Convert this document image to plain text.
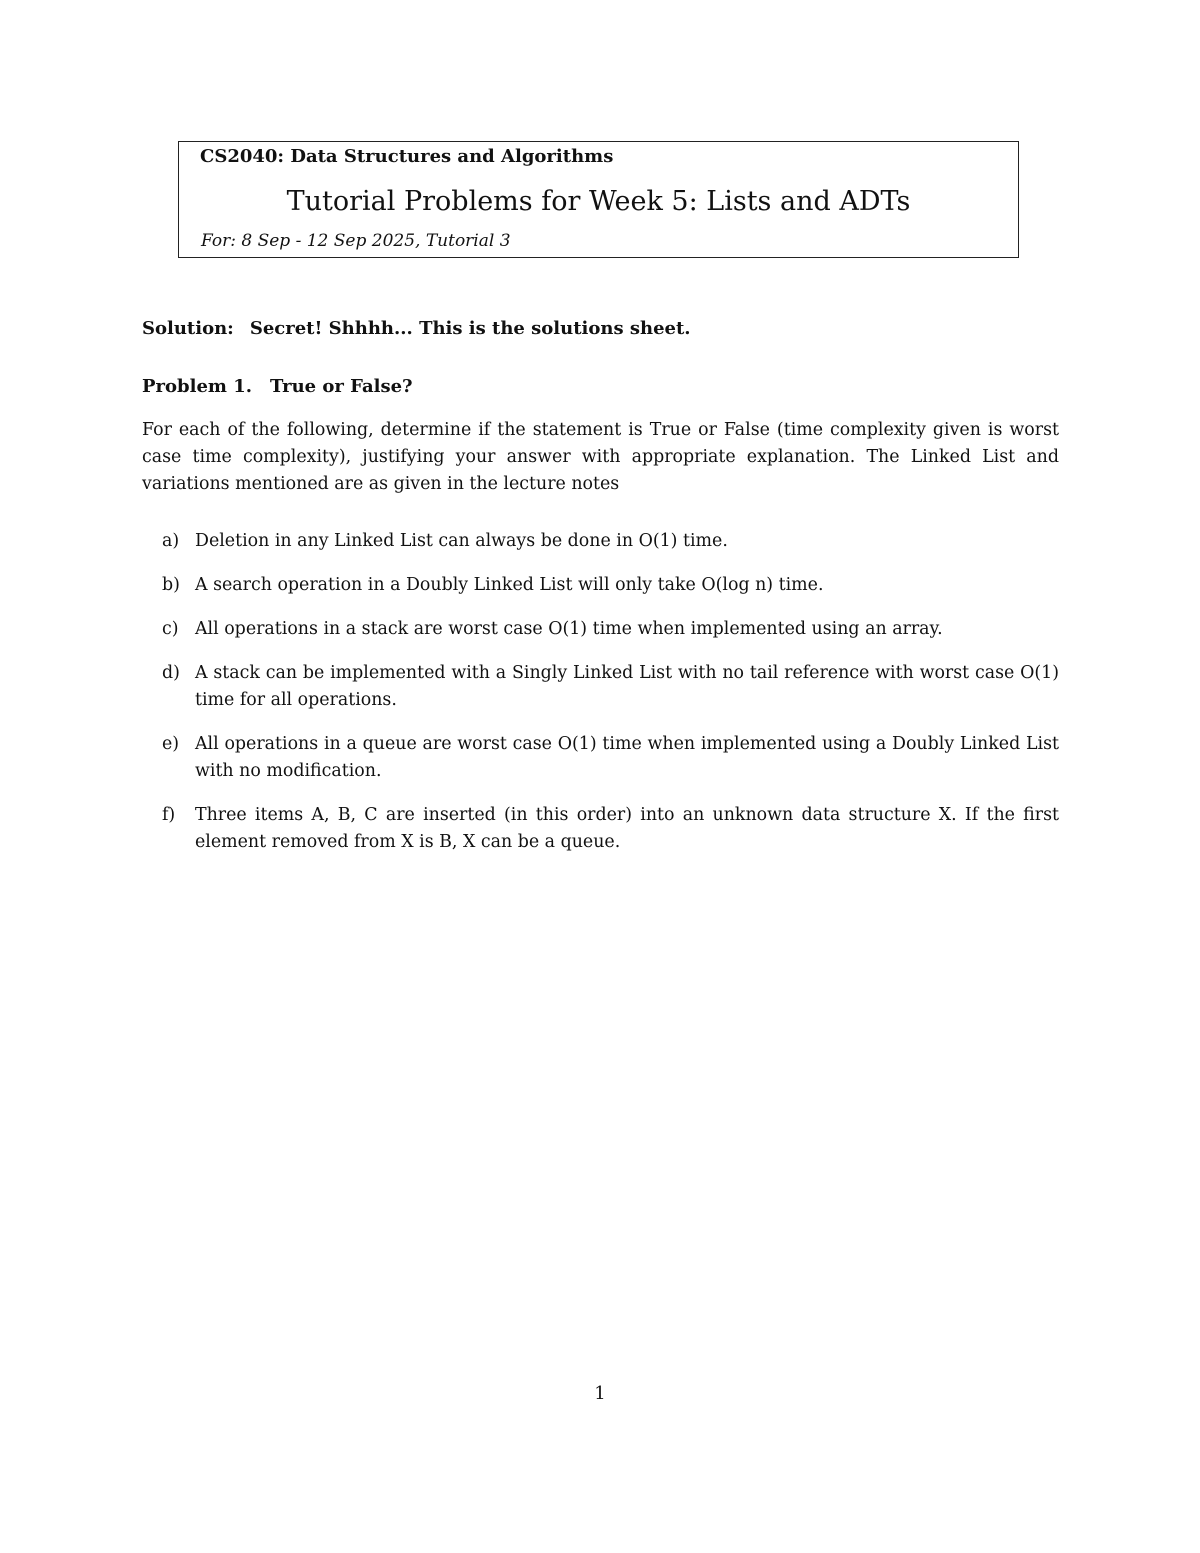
CS2040: Data Structures and Algorithms
Tutorial Problems for Week 5: Lists and ADTs
For: 8 Sep - 12 Sep 2025, Tutorial 3
Solution: Secret! Shhhh... This is the solutions sheet.
Problem 1. True or False?
For each of the following, determine if the statement is True or False (time complexity given is worst case time complexity), justifying your answer with appropriate explanation. The Linked List and variations mentioned are as given in the lecture notes
a) Deletion in any Linked List can always be done in O(1) time.
b) A search operation in a Doubly Linked List will only take O(log n) time.
c) All operations in a stack are worst case O(1) time when implemented using an array.
d) A stack can be implemented with a Singly Linked List with no tail reference with worst case O(1) time for all operations.
e) All operations in a queue are worst case O(1) time when implemented using a Doubly Linked List with no modification.
f) Three items A, B, C are inserted (in this order) into an unknown data structure X. If the first element removed from X is B, X can be a queue.
1
